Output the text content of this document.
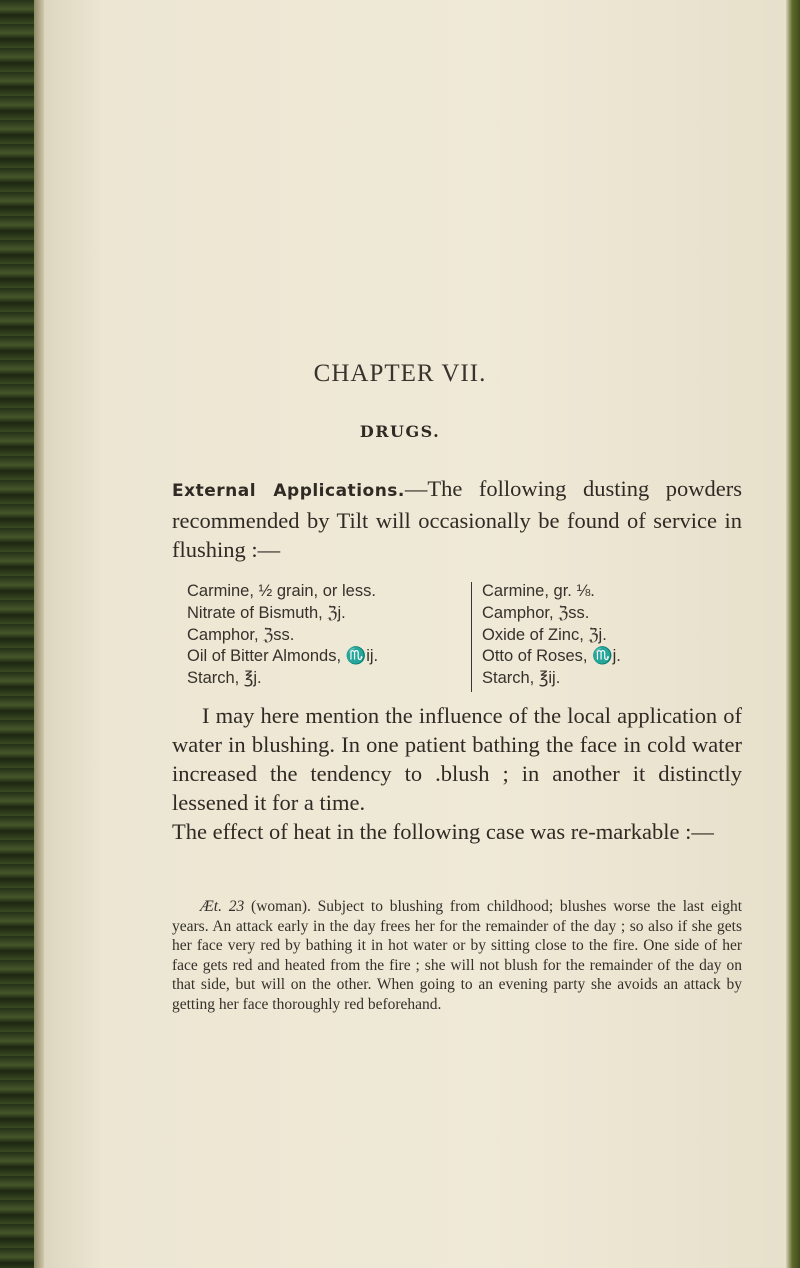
CHAPTER VII.
DRUGS.
External Applications.—The following dusting powders recommended by Tilt will occasionally be found of service in flushing :—
Carmine, ½ grain, or less.
Nitrate of Bismuth, ℨj.
Camphor, ℨss.
Oil of Bitter Almonds, ♏ij.
Starch, ℥j.
Carmine, gr. ⅛.
Camphor, ℨss.
Oxide of Zinc, ℨj.
Otto of Roses, ♏j.
Starch, ℥ij.
I may here mention the influence of the local application of water in blushing. In one patient bathing the face in cold water increased the tendency to .blush ; in another it distinctly lessened it for a time.
The effect of heat in the following case was re-markable :—
Æt. 23 (woman). Subject to blushing from childhood; blushes worse the last eight years. An attack early in the day frees her for the remainder of the day ; so also if she gets her face very red by bathing it in hot water or by sitting close to the fire. One side of her face gets red and heated from the fire ; she will not blush for the remainder of the day on that side, but will on the other. When going to an evening party she avoids an attack by getting her face thoroughly red beforehand.
